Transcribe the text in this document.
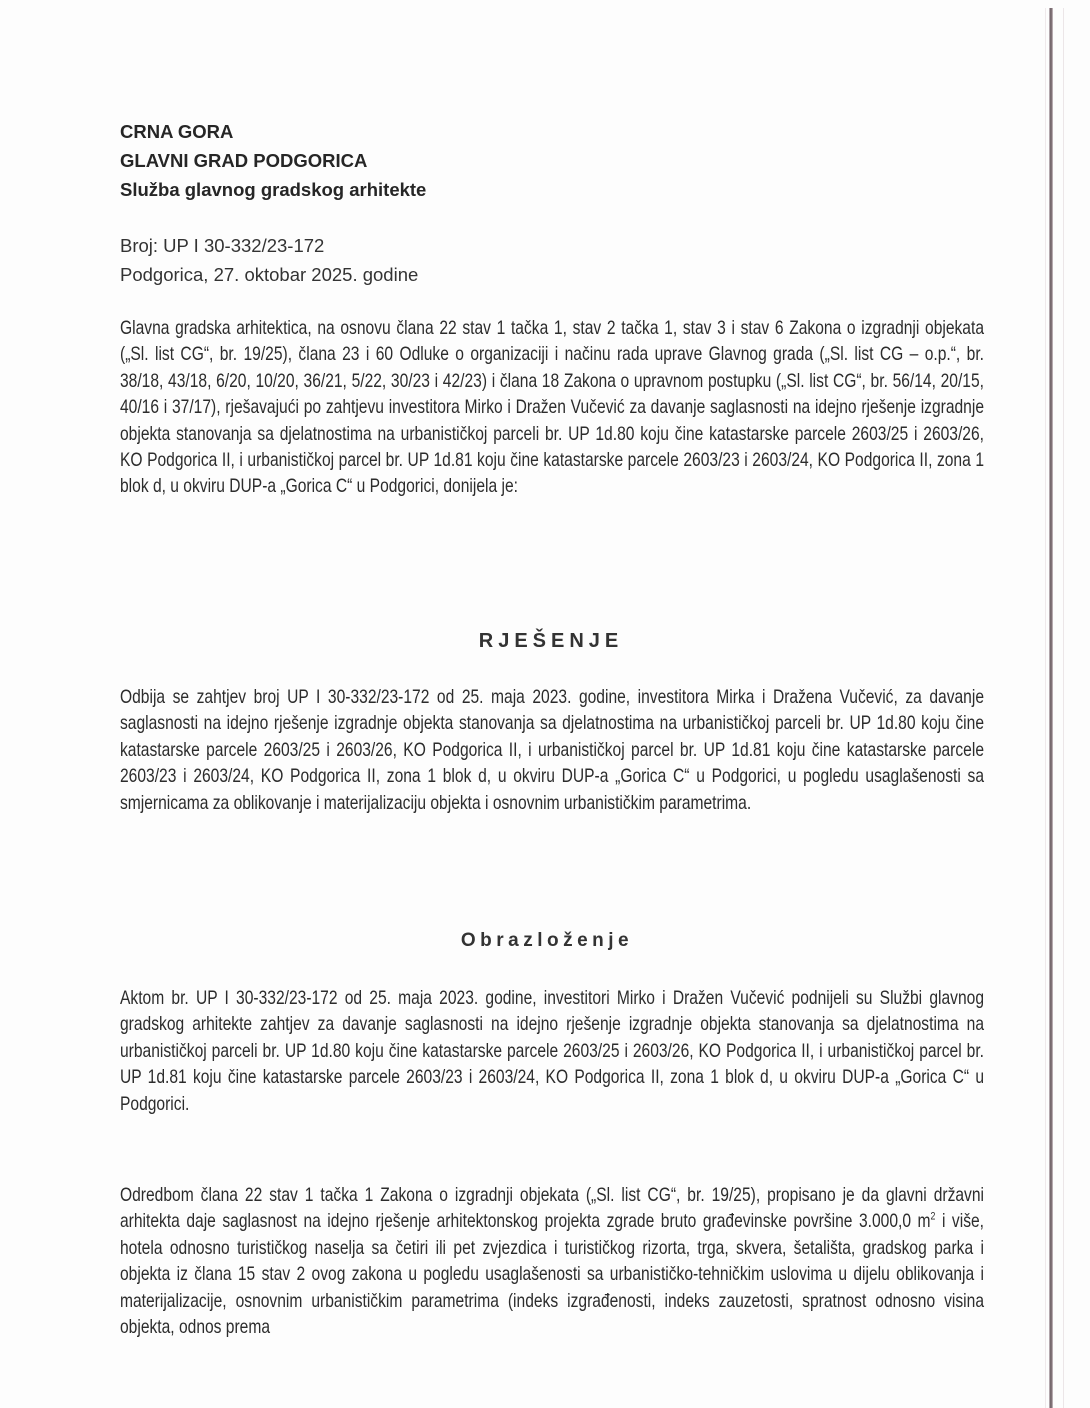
CRNA GORA
GLAVNI GRAD PODGORICA
Služba glavnog gradskog arhitekte
Broj: UP I 30-332/23-172
Podgorica, 27. oktobar 2025. godine
Glavna gradska arhitektica, na osnovu člana 22 stav 1 tačka 1, stav 2 tačka 1, stav 3 i stav 6 Zakona o izgradnji objekata („Sl. list CG“, br. 19/25), člana 23 i 60 Odluke o organizaciji i načinu rada uprave Glavnog grada („Sl. list CG – o.p.“, br. 38/18, 43/18, 6/20, 10/20, 36/21, 5/22, 30/23 i 42/23) i člana 18 Zakona o upravnom postupku („Sl. list CG“, br. 56/14, 20/15, 40/16 i 37/17), rješavajući po zahtjevu investitora Mirko i Dražen Vučević za davanje saglasnosti na idejno rješenje izgradnje objekta stanovanja sa djelatnostima na urbanističkoj parceli br. UP 1d.80 koju čine katastarske parcele 2603/25 i 2603/26, KO Podgorica II, i urbanističkoj parcel br. UP 1d.81 koju čine katastarske parcele 2603/23 i 2603/24, KO Podgorica II, zona 1 blok d, u okviru DUP-a „Gorica C“ u Podgorici, donijela je:
RJEŠENJE
Odbija se zahtjev broj UP I 30-332/23-172 od 25. maja 2023. godine, investitora Mirka i Dražena Vučević, za davanje saglasnosti na idejno rješenje izgradnje objekta stanovanja sa djelatnostima na urbanističkoj parceli br. UP 1d.80 koju čine katastarske parcele 2603/25 i 2603/26, KO Podgorica II, i urbanističkoj parcel br. UP 1d.81 koju čine katastarske parcele 2603/23 i 2603/24, KO Podgorica II, zona 1 blok d, u okviru DUP-a „Gorica C“ u Podgorici, u pogledu usaglašenosti sa smjernicama za oblikovanje i materijalizaciju objekta i osnovnim urbanističkim parametrima.
Obrazloženje
Aktom br. UP I 30-332/23-172 od 25. maja 2023. godine, investitori Mirko i Dražen Vučević podnijeli su Službi glavnog gradskog arhitekte zahtjev za davanje saglasnosti na idejno rješenje izgradnje objekta stanovanja sa djelatnostima na urbanističkoj parceli br. UP 1d.80 koju čine katastarske parcele 2603/25 i 2603/26, KO Podgorica II, i urbanističkoj parcel br. UP 1d.81 koju čine katastarske parcele 2603/23 i 2603/24, KO Podgorica II, zona 1 blok d, u okviru DUP-a „Gorica C“ u Podgorici.
Odredbom člana 22 stav 1 tačka 1 Zakona o izgradnji objekata („Sl. list CG“, br. 19/25), propisano je da glavni državni arhitekta daje saglasnost na idejno rješenje arhitektonskog projekta zgrade bruto građevinske površine 3.000,0 $m^2$ i više, hotela odnosno turističkog naselja sa četiri ili pet zvjezdica i turističkog rizorta, trga, skvera, šetališta, gradskog parka i objekta iz člana 15 stav 2 ovog zakona u pogledu usaglašenosti sa urbanističko-tehničkim uslovima u dijelu oblikovanja i materijalizacije, osnovnim urbanističkim parametrima (indeks izgrađenosti, indeks zauzetosti, spratnost odnosno visina objekta, odnos prema
